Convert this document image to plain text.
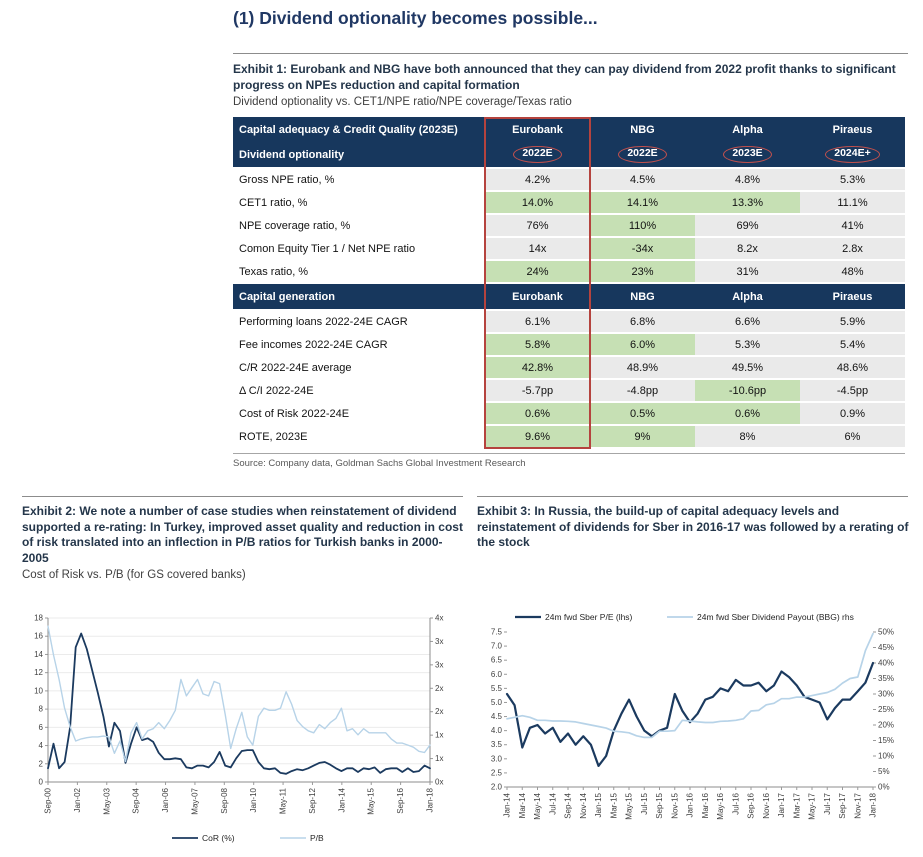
(1) Dividend optionality becomes possible...
Exhibit 1: Eurobank and NBG have both announced that they can pay dividend from 2022 profit thanks to significant progress on NPEs reduction and capital formation
Dividend optionality vs. CET1/NPE ratio/NPE coverage/Texas ratio
Capital adequacy & Credit Quality (2023E)	Eurobank	NBG	Alpha	Piraeus
Dividend optionality	2022E	2022E	2023E	2024E+
Gross NPE ratio, %	4.2%	4.5%	4.8%	5.3%
CET1 ratio, %	14.0%	14.1%	13.3%	11.1%
NPE coverage ratio, %	76%	110%	69%	41%
Comon Equity Tier 1 / Net NPE ratio	14x	-34x	8.2x	2.8x
Texas ratio, %	24%	23%	31%	48%
Capital generation	Eurobank	NBG	Alpha	Piraeus
Performing loans 2022-24E CAGR	6.1%	6.8%	6.6%	5.9%
Fee incomes 2022-24E CAGR	5.8%	6.0%	5.3%	5.4%
C/R 2022-24E average	42.8%	48.9%	49.5%	48.6%
Δ C/I 2022-24E	-5.7pp	-4.8pp	-10.6pp	-4.5pp
Cost of Risk 2022-24E	0.6%	0.5%	0.6%	0.9%
ROTE, 2023E	9.6%	9%	8%	6%
Source: Company data, Goldman Sachs Global Investment Research
Exhibit 2: We note a number of case studies when reinstatement of dividend supported a re-rating: In Turkey, improved asset quality and reduction in cost of risk translated into an inflection in P/B ratios for Turkish banks in 2000-2005
Cost of Risk vs. P/B (for GS covered banks)
Exhibit 3: In Russia, the build-up of capital adequacy levels and reinstatement of dividends for Sber in 2016-17 was followed by a rerating of the stock
0
2
4
6
8
10
12
14
16
18
0x
1x
1x
2x
2x
3x
3x
4x
Sep-00	Jan-02	May-03	Sep-04	Jan-06	May-07	Sep-08	Jan-10	May-11	Sep-12	Jan-14	May-15	Sep-16	Jan-18
CoR (%)	P/B
2.0
2.5
3.0
3.5
4.0
4.5
5.0
5.5
6.0
6.5
7.0
7.5
0%
5%
10%
15%
20%
25%
30%
35%
40%
45%
50%
Jan-14 Mar-14 May-14 Jul-14 Sep-14 Nov-14 Jan-15 Mar-15 May-15 Jul-15 Sep-15 Nov-15 Jan-16 Mar-16 May-16 Jul-16 Sep-16 Nov-16 Jan-17 Mar-17 May-17 Jul-17 Sep-17 Nov-17 Jan-18
24m fwd Sber P/E (lhs)	24m fwd Sber Dividend Payout (BBG) rhs
